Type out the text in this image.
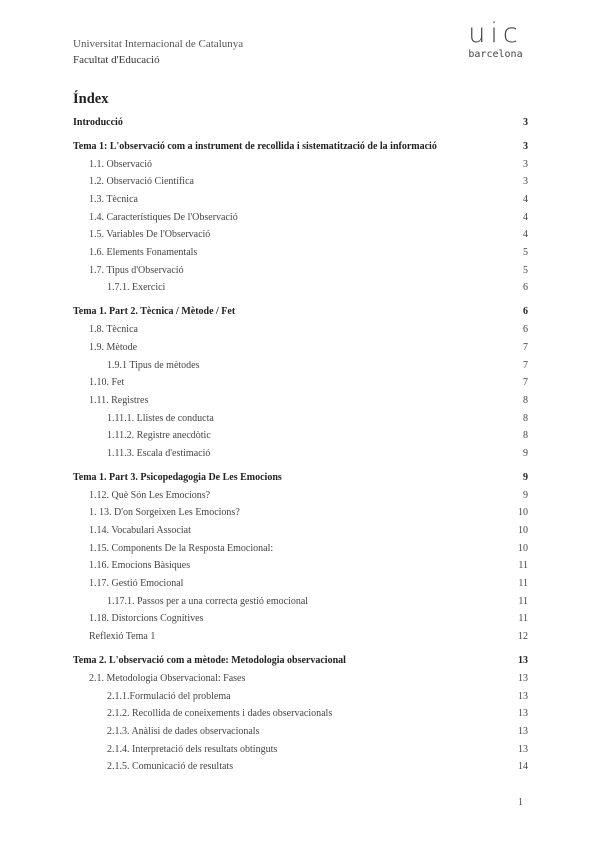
Universitat Internacional de Catalunya
Facultat d'Educació
uic
barcelona
Índex
Introducció	3
Tema 1: L'observació com a instrument de recollida i sistematització de la informació	3
1.1. Observació	3
1.2. Observació Científica	3
1.3. Tècnica	4
1.4. Característiques De l'Observació	4
1.5. Variables De l'Observació	4
1.6. Elements Fonamentals	5
1.7. Tipus d'Observació	5
1.7.1. Exercici	6
Tema 1. Part 2. Tècnica / Mètode / Fet	6
1.8. Tècnica	6
1.9. Mètode	7
1.9.1 Tipus de mètodes	7
1.10. Fet	7
1.11. Registres	8
1.11.1. Llistes de conducta	8
1.11.2. Registre anecdòtic	8
1.11.3. Escala d'estimació	9
Tema 1. Part 3. Psicopedagogia De Les Emocions	9
1.12. Què Són Les Emocions?	9
1. 13. D'on Sorgeixen Les Emocions?	10
1.14. Vocabulari Associat	10
1.15. Components De la Resposta Emocional:	10
1.16. Emocions Bàsiques	11
1.17. Gestió Emocional	11
1.17.1. Passos per a una correcta gestió emocional	11
1.18. Distorcions Cognitives	11
Reflexió Tema 1	12
Tema 2. L'observació com a mètode: Metodologia observacional	13
2.1. Metodologia Observacional: Fases	13
2.1.1.Formulació del problema	13
2.1.2. Recollida de coneixements i dades observacionals	13
2.1.3. Anàlisi de dades observacionals	13
2.1.4. Interpretació dels resultats obtinguts	13
2.1.5. Comunicació de resultats	14
1
